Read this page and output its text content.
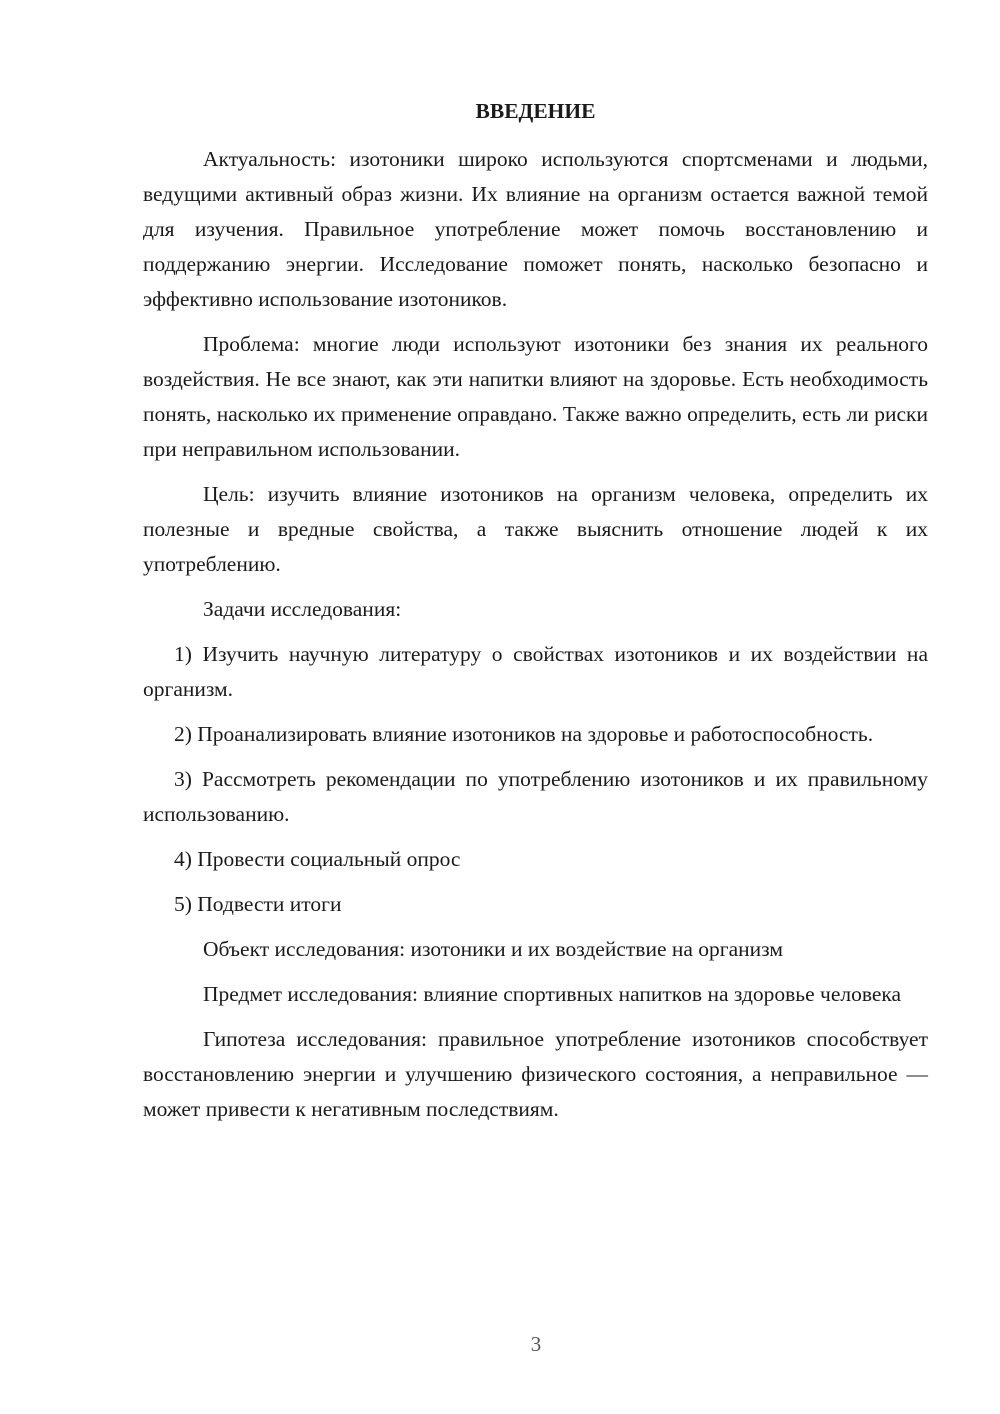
ВВЕДЕНИЕ

Актуальность: изотоники широко используются спортсменами и людьми, ведущими активный образ жизни. Их влияние на организм остается важной темой для изучения. Правильное употребление может помочь восстановлению и поддержанию энергии. Исследование поможет понять, насколько безопасно и эффективно использование изотоников.

Проблема: многие люди используют изотоники без знания их реального воздействия. Не все знают, как эти напитки влияют на здоровье. Есть необходимость понять, насколько их применение оправдано. Также важно определить, есть ли риски при неправильном использовании.

Цель: изучить влияние изотоников на организм человека, определить их полезные и вредные свойства, а также выяснить отношение людей к их употреблению.

Задачи исследования:

1) Изучить научную литературу о свойствах изотоников и их воздействии на организм.

2) Проанализировать влияние изотоников на здоровье и работоспособность.

3) Рассмотреть рекомендации по употреблению изотоников и их правильному использованию.

4) Провести социальный опрос

5) Подвести итоги

Объект исследования: изотоники и их воздействие на организм

Предмет исследования: влияние спортивных напитков на здоровье человека

Гипотеза исследования: правильное употребление изотоников способствует восстановлению энергии и улучшению физического состояния, а неправильное — может привести к негативным последствиям.

3
